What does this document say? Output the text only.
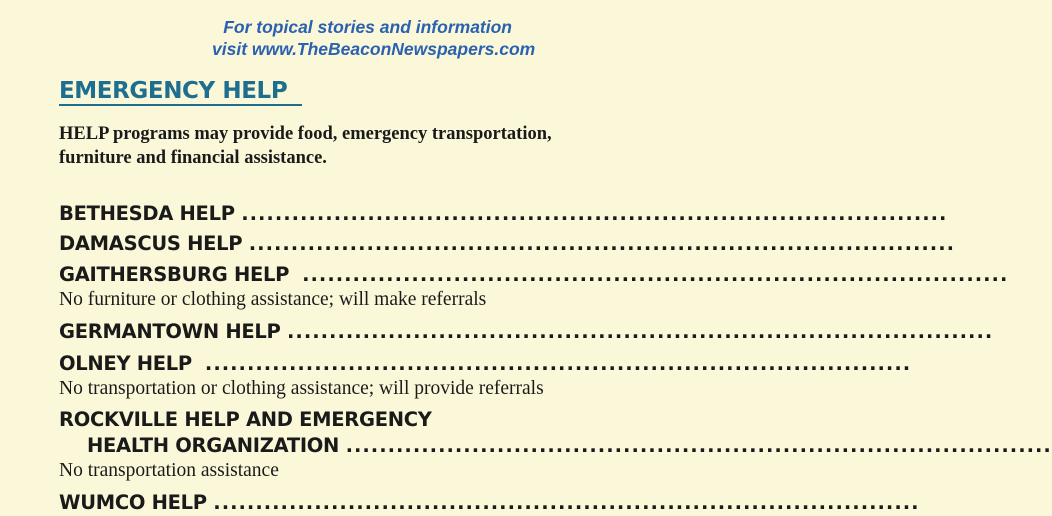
For topical stories and information
visit www.TheBeaconNewspapers.com
EMERGENCY HELP
HELP programs may provide food, emergency transportation,
furniture and financial assistance.
BETHESDA HELP ....................................................................................
DAMASCUS HELP ....................................................................................
GAITHERSBURG HELP ....................................................................................
No furniture or clothing assistance; will make referrals
GERMANTOWN HELP ....................................................................................
OLNEY HELP ....................................................................................
No transportation or clothing assistance; will provide referrals
ROCKVILLE HELP AND EMERGENCY
HEALTH ORGANIZATION ....................................................................................
No transportation assistance
WUMCO HELP ....................................................................................
